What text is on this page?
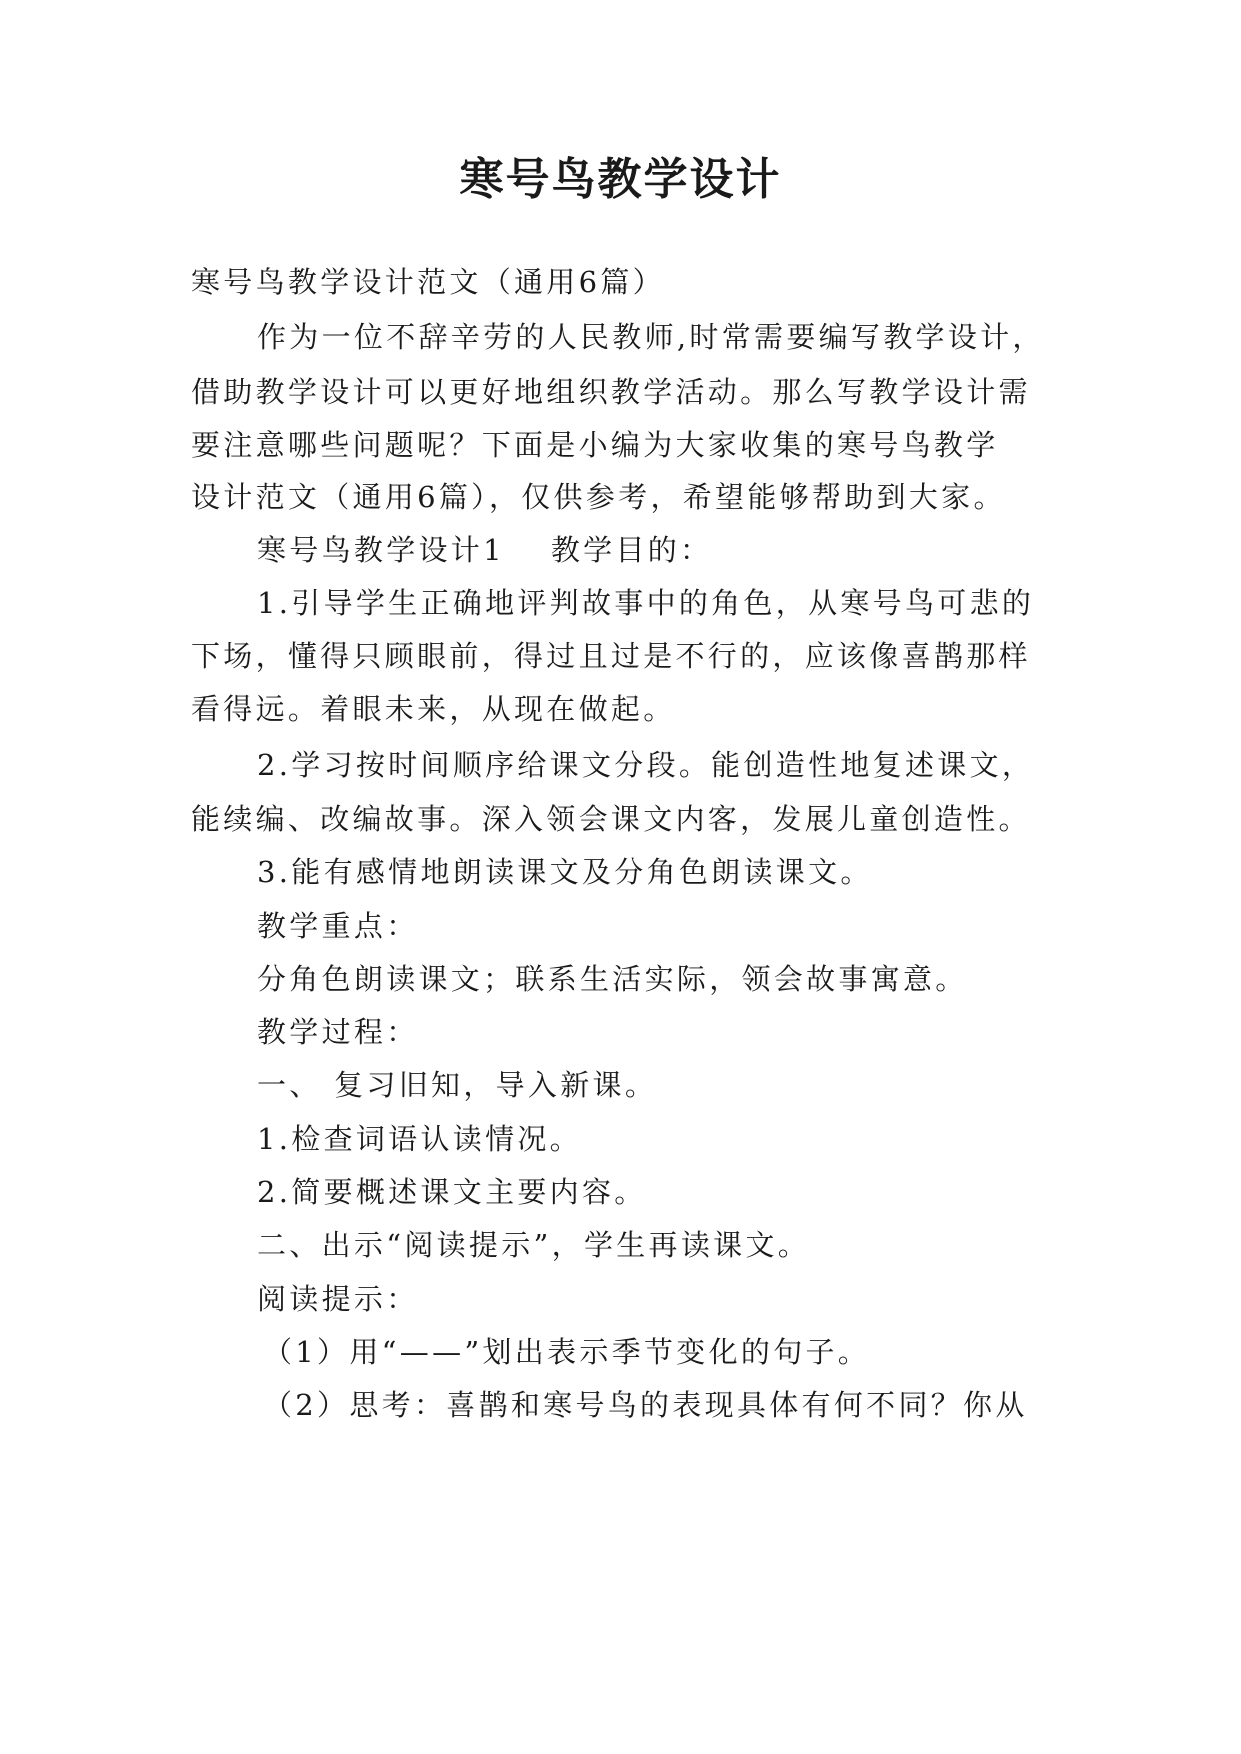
寒号鸟教学设计
寒号鸟教学设计范文（通用6篇）
作为一位不辞辛劳的人民教师,时常需要编写教学设计，
借助教学设计可以更好地组织教学活动。那么写教学设计需
要注意哪些问题呢？下面是小编为大家收集的寒号鸟教学
设计范文（通用6篇），仅供参考，希望能够帮助到大家。
寒号鸟教学设计1 教学目的：
1.引导学生正确地评判故事中的角色，从寒号鸟可悲的
下场，懂得只顾眼前，得过且过是不行的，应该像喜鹊那样
看得远。着眼未来，从现在做起。
2.学习按时间顺序给课文分段。能创造性地复述课文，
能续编、改编故事。深入领会课文内客，发展儿童创造性。
3.能有感情地朗读课文及分角色朗读课文。
教学重点：
分角色朗读课文；联系生活实际，领会故事寓意。
教学过程：
一、 复习旧知，导入新课。
1.检查词语认读情况。
2.简要概述课文主要内容。
二、出示“阅读提示”，学生再读课文。
阅读提示：
（1）用“——”划出表示季节变化的句子。
（2）思考：喜鹊和寒号鸟的表现具体有何不同？你从
